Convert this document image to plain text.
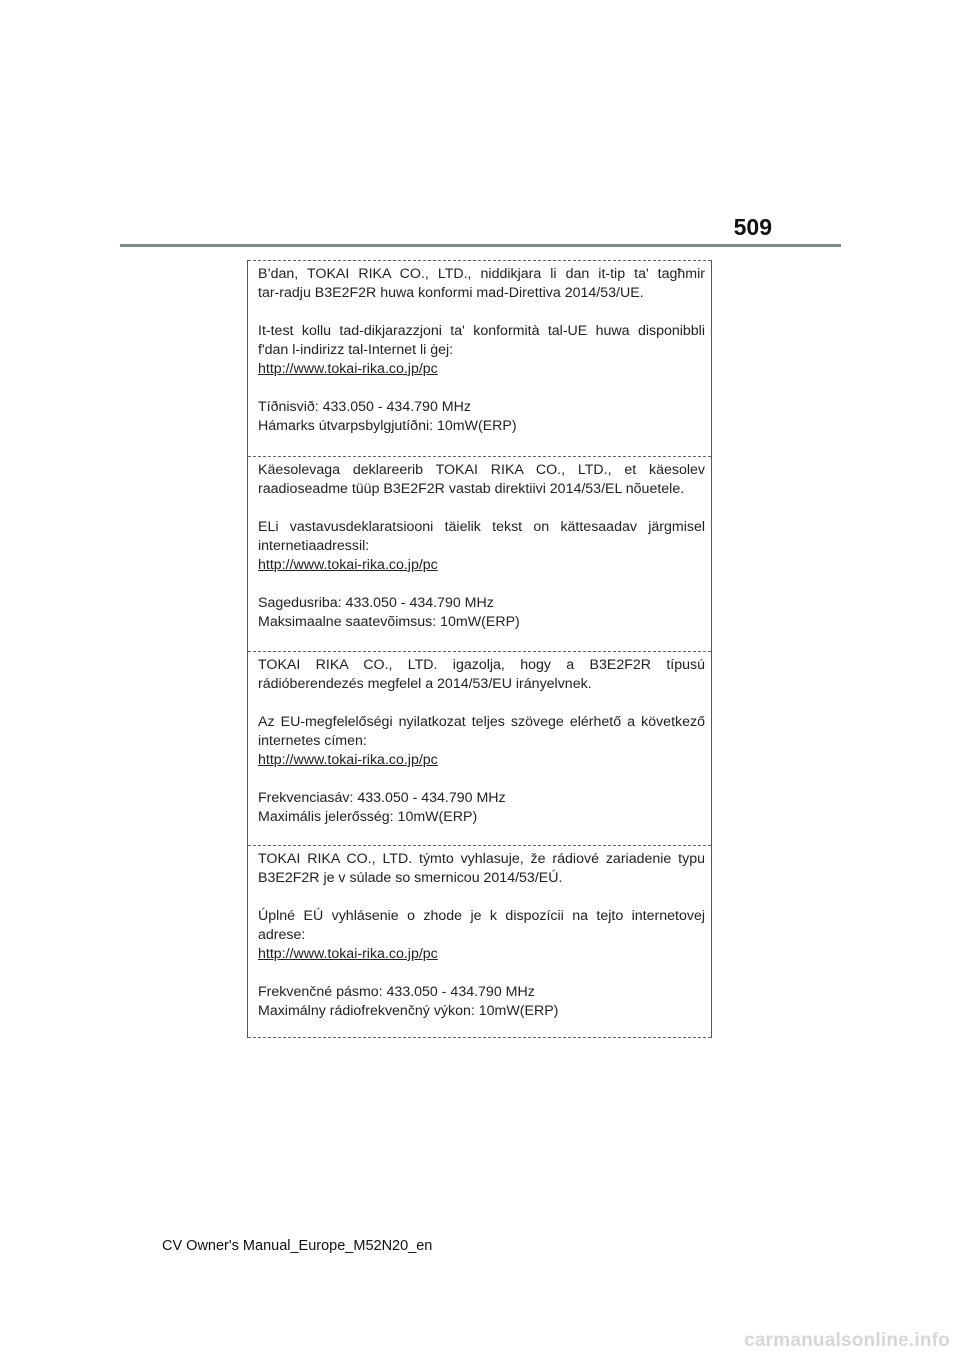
509

B’dan, TOKAI RIKA CO., LTD., niddikjara li dan it-tip ta' tagħmir

tar-radju B3E2F2R huwa konformi mad-Direttiva 2014/53/UE.

It-test kollu tad-dikjarazzjoni ta' konformità tal-UE huwa disponibbli

f'dan l-indirizz tal-Internet li ġej:

http://www.tokai-rika.co.jp/pc

Tíðnisvið: 433.050 - 434.790 MHz

Hámarks útvarpsbylgjutíðni: 10mW(ERP)

Käesolevaga deklareerib TOKAI RIKA CO., LTD., et käesolev

raadioseadme tüüp B3E2F2R vastab direktiivi 2014/53/EL nõuetele.

ELi vastavusdeklaratsiooni täielik tekst on kättesaadav järgmisel

internetiaadressil:

http://www.tokai-rika.co.jp/pc

Sagedusriba: 433.050 - 434.790 MHz

Maksimaalne saatevõimsus: 10mW(ERP)

TOKAI RIKA CO., LTD. igazolja, hogy a B3E2F2R típusú

rádióberendezés megfelel a 2014/53/EU irányelvnek.

Az EU-megfelelőségi nyilatkozat teljes szövege elérhető a következő

internetes címen:

http://www.tokai-rika.co.jp/pc

Frekvenciasáv: 433.050 - 434.790 MHz

Maximális jelerősség: 10mW(ERP)

TOKAI RIKA CO., LTD. týmto vyhlasuje, že rádiové zariadenie typu

B3E2F2R je v súlade so smernicou 2014/53/EÚ.

Úplné EÚ vyhlásenie o zhode je k dispozícii na tejto internetovej

adrese:

http://www.tokai-rika.co.jp/pc

Frekvenčné pásmo: 433.050 - 434.790 MHz

Maximálny rádiofrekvenčný výkon: 10mW(ERP)

CV Owner's Manual_Europe_M52N20_en
carmanualsonline.info
